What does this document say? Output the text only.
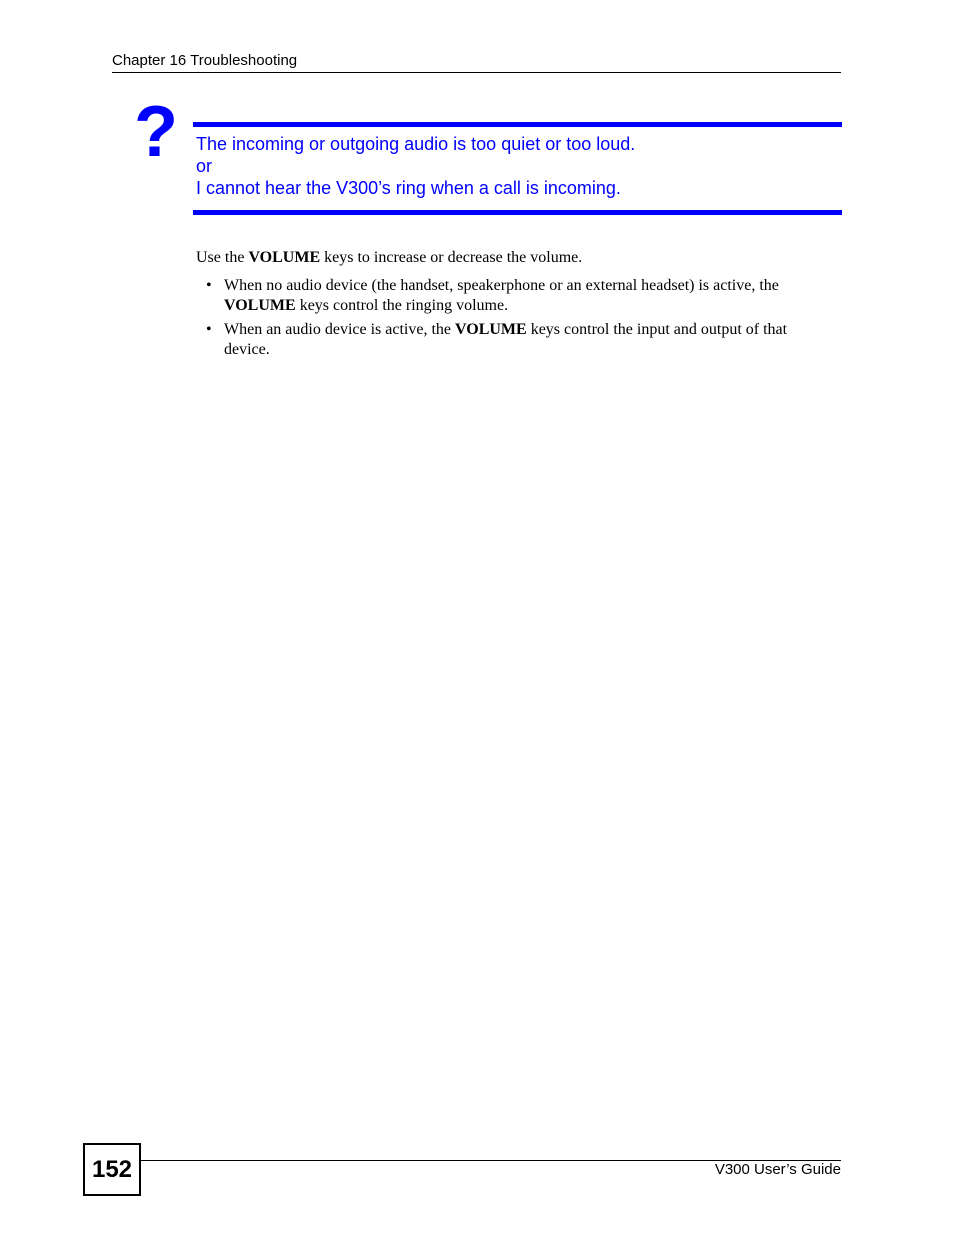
Chapter 16 Troubleshooting
? The incoming or outgoing audio is too quiet or too loud.
or
I cannot hear the V300’s ring when a call is incoming.

Use the VOLUME keys to increase or decrease the volume.

• When no audio device (the handset, speakerphone or an external headset) is active, the VOLUME keys control the ringing volume.
• When an audio device is active, the VOLUME keys control the input and output of that device.
152	V300 User’s Guide
